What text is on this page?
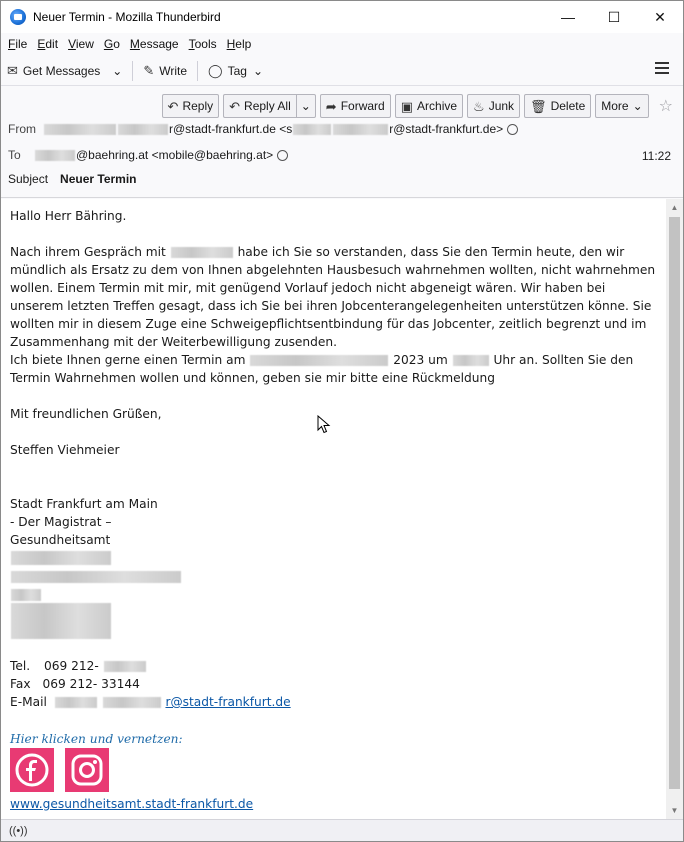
Neuer Termin - Mozilla Thunderbird	—	☐	✕
File Edit View Go Message Tools Help
✉ Get Messages ⌄ ✎ Write ◯ Tag ⌄
↶ Reply ↶ Reply All ⌄ ➦ Forward ▣ Archive ♨ Junk 🗑 Delete More ⌄ ☆
From	r@stadt-frankfurt.de <s	r@stadt-frankfurt.de>
To	@baehring.at <mobile@baehring.at>	11:22
Subject Neuer Termin
▲
▼
Hallo Herr Bähring.
Nach ihrem Gespräch mit	habe ich Sie so verstanden, dass Sie den Termin heute, den wir
mündlich als Ersatz zu dem von Ihnen abgelehnten Hausbesuch wahrnehmen wollten, nicht wahrnehmen
wollen. Einem Termin mit mir, mit genügend Vorlauf jedoch nicht abgeneigt wären. Wir haben bei
unserem letzten Treffen gesagt, dass ich Sie bei ihren Jobcenterangelegenheiten unterstützen könne. Sie
wollten mir in diesem Zuge eine Schweigepflichtsentbindung für das Jobcenter, zeitlich begrenzt und im
Zusammenhang mit der Weiterbewilligung zusenden.
Ich biete Ihnen gerne einen Termin am	2023 um	Uhr an. Sollten Sie den
Termin Wahrnehmen wollen und können, geben sie mir bitte eine Rückmeldung
Mit freundlichen Grüßen,
Steffen Viehmeier
Stadt Frankfurt am Main
- Der Magistrat –
Gesundheitsamt
Tel. 069 212-
Fax 069 212- 33144
E-Mail	r@stadt-frankfurt.de
Hier klicken und vernetzen:
www.gesundheitsamt.stadt-frankfurt.de
((•))
